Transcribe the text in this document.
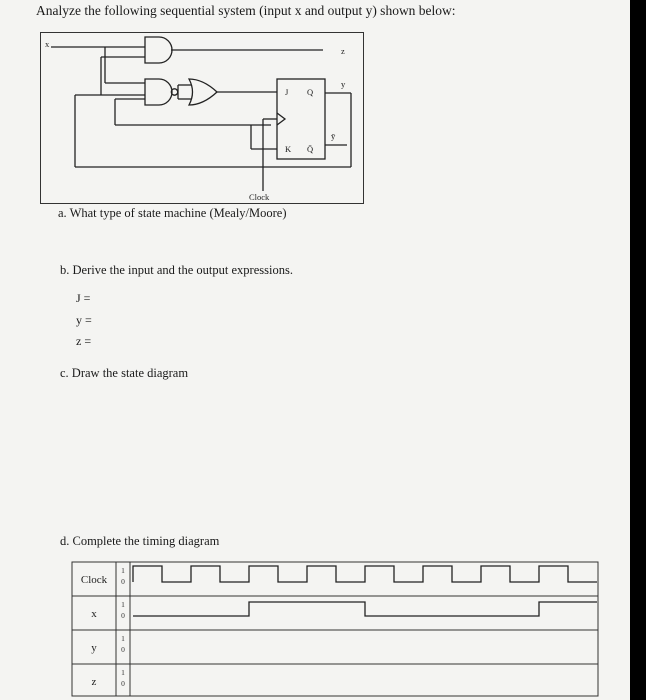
Analyze the following sequential system (input x and output y) shown below:
x
z
y
ȳ
J Q
K Q̄
Clock
a. What type of state machine (Mealy/Moore)
b. Derive the input and the output expressions.
J =
y =
z =
c. Draw the state diagram
d. Complete the timing diagram
Clock
1
0
x
1
0
y
1
0
z
1
0
